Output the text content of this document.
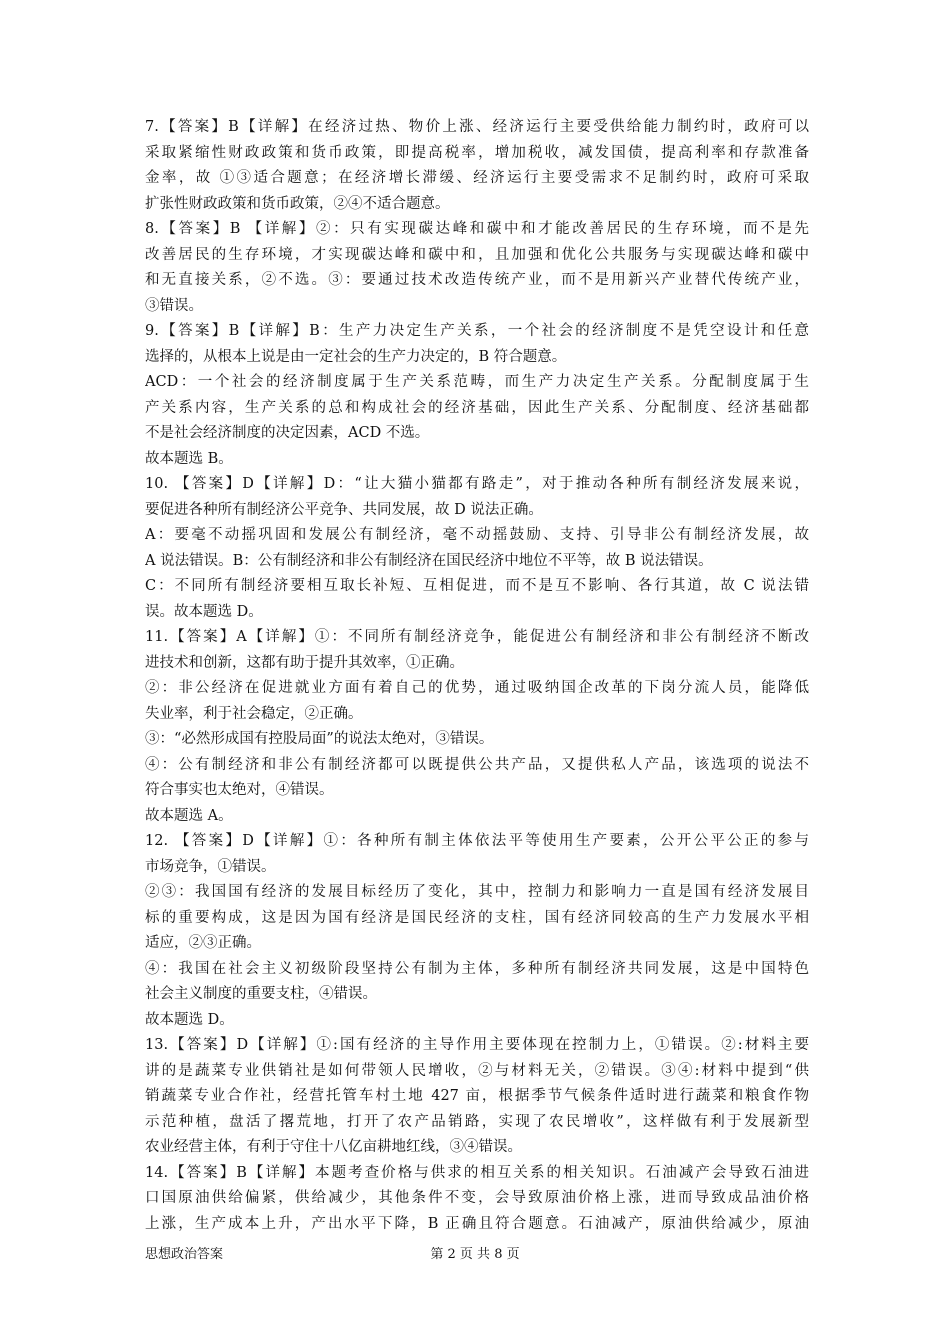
7.【答案】B【详解】在经济过热、物价上涨、经济运行主要受供给能力制约时，政府可以
采取紧缩性财政政策和货币政策，即提高税率，增加税收，减发国债，提高利率和存款准备
金率，故 ①③适合题意；在经济增长滞缓、经济运行主要受需求不足制约时，政府可采取
扩张性财政政策和货币政策，②④不适合题意。
8.【答案】B 【详解】②：只有实现碳达峰和碳中和才能改善居民的生存环境，而不是先
改善居民的生存环境，才实现碳达峰和碳中和，且加强和优化公共服务与实现碳达峰和碳中
和无直接关系，②不选。③：要通过技术改造传统产业，而不是用新兴产业替代传统产业，
③错误。
9.【答案】B【详解】B：生产力决定生产关系，一个社会的经济制度不是凭空设计和任意
选择的，从根本上说是由一定社会的生产力决定的，B 符合题意。
ACD：一个社会的经济制度属于生产关系范畴，而生产力决定生产关系。分配制度属于生
产关系内容，生产关系的总和构成社会的经济基础，因此生产关系、分配制度、经济基础都
不是社会经济制度的决定因素，ACD 不选。
故本题选 B。
10. 【答案】D【详解】D：“让大猫小猫都有路走”，对于推动各种所有制经济发展来说，
要促进各种所有制经济公平竞争、共同发展，故 D 说法正确。
A：要毫不动摇巩固和发展公有制经济，毫不动摇鼓励、支持、引导非公有制经济发展，故
A 说法错误。B：公有制经济和非公有制经济在国民经济中地位不平等，故 B 说法错误。
C：不同所有制经济要相互取长补短、互相促进，而不是互不影响、各行其道，故 C 说法错
误。故本题选 D。
11.【答案】A【详解】①：不同所有制经济竞争，能促进公有制经济和非公有制经济不断改
进技术和创新，这都有助于提升其效率，①正确。
②：非公经济在促进就业方面有着自己的优势，通过吸纳国企改革的下岗分流人员，能降低
失业率，利于社会稳定，②正确。
③：“必然形成国有控股局面”的说法太绝对，③错误。
④：公有制经济和非公有制经济都可以既提供公共产品，又提供私人产品，该选项的说法不
符合事实也太绝对，④错误。
故本题选 A。
12. 【答案】D【详解】①：各种所有制主体依法平等使用生产要素，公开公平公正的参与
市场竞争，①错误。
②③：我国国有经济的发展目标经历了变化，其中，控制力和影响力一直是国有经济发展目
标的重要构成，这是因为国有经济是国民经济的支柱，国有经济同较高的生产力发展水平相
适应，②③正确。
④：我国在社会主义初级阶段坚持公有制为主体，多种所有制经济共同发展，这是中国特色
社会主义制度的重要支柱，④错误。
故本题选 D。
13.【答案】D【详解】①:国有经济的主导作用主要体现在控制力上，①错误。②:材料主要
讲的是蔬菜专业供销社是如何带领人民增收，②与材料无关，②错误。③④:材料中提到“供
销蔬菜专业合作社，经营托管车村土地 427 亩，根据季节气候条件适时进行蔬菜和粮食作物
示范种植，盘活了撂荒地，打开了农产品销路，实现了农民增收”，这样做有利于发展新型
农业经营主体，有利于守住十八亿亩耕地红线，③④错误。
14.【答案】B【详解】本题考查价格与供求的相互关系的相关知识。石油减产会导致石油进
口国原油供给偏紧，供给减少，其他条件不变，会导致原油价格上涨，进而导致成品油价格
上涨，生产成本上升，产出水平下降，B 正确且符合题意。石油减产，原油供给减少，原油
思想政治答案	第 2 页 共 8 页
